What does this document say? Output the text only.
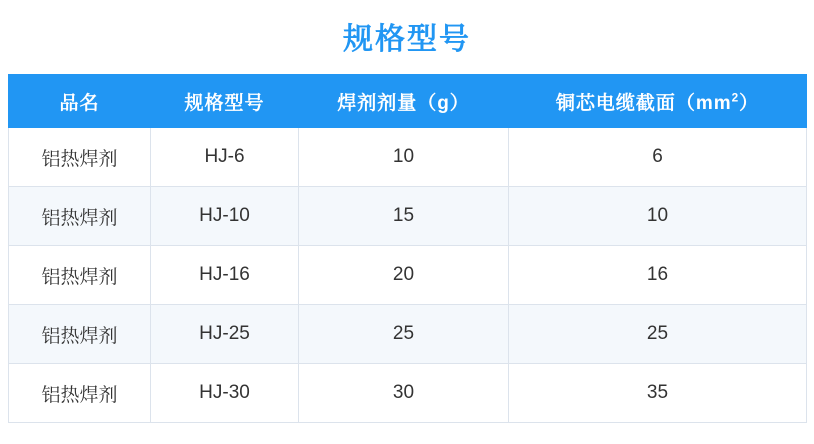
规格型号
品名	规格型号	焊剂剂量（g）	铜芯电缆截面$(mm^2)$
铝热焊剂	HJ-6	10	6
铝热焊剂	HJ-10	15	10
铝热焊剂	HJ-16	20	16
铝热焊剂	HJ-25	25	25
铝热焊剂	HJ-30	30	35
